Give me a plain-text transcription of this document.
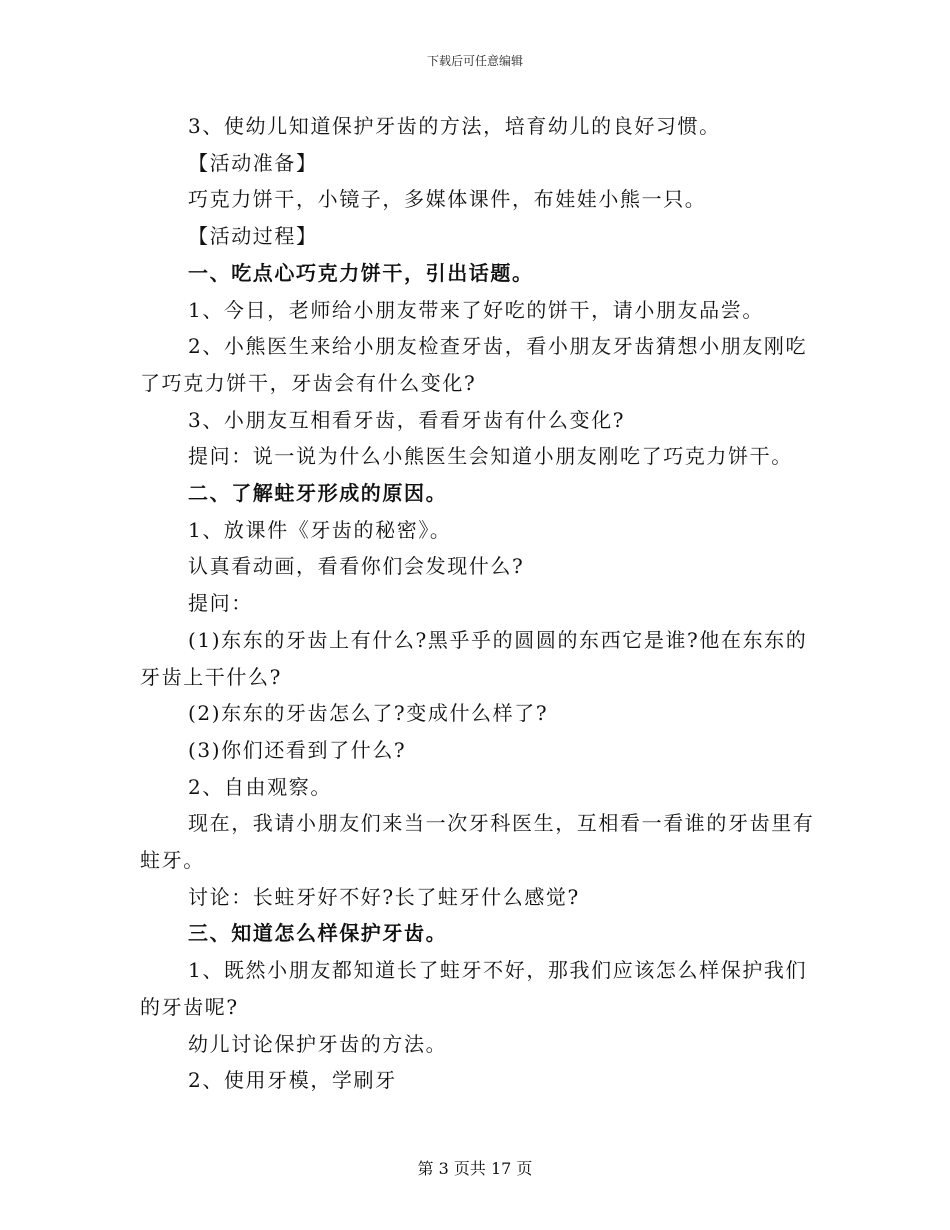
下载后可任意编辑

3、使幼儿知道保护牙齿的方法，培育幼儿的良好习惯。

【活动准备】

巧克力饼干，小镜子，多媒体课件，布娃娃小熊一只。

【活动过程】

一、吃点心巧克力饼干，引出话题。

1、今日，老师给小朋友带来了好吃的饼干，请小朋友品尝。

2、小熊医生来给小朋友检查牙齿，看小朋友牙齿猜想小朋友刚吃了巧克力饼干，牙齿会有什么变化?

3、小朋友互相看牙齿，看看牙齿有什么变化?

提问：说一说为什么小熊医生会知道小朋友刚吃了巧克力饼干。

二、了解蛀牙形成的原因。

1、放课件《牙齿的秘密》。

认真看动画，看看你们会发现什么?

提问：

(1)东东的牙齿上有什么?黑乎乎的圆圆的东西它是谁?他在东东的牙齿上干什么?

(2)东东的牙齿怎么了?变成什么样了?

(3)你们还看到了什么?

2、自由观察。

现在，我请小朋友们来当一次牙科医生，互相看一看谁的牙齿里有蛀牙。

讨论：长蛀牙好不好?长了蛀牙什么感觉?

三、知道怎么样保护牙齿。

1、既然小朋友都知道长了蛀牙不好，那我们应该怎么样保护我们的牙齿呢?

幼儿讨论保护牙齿的方法。

2、使用牙模，学刷牙

第 3 页共 17 页
